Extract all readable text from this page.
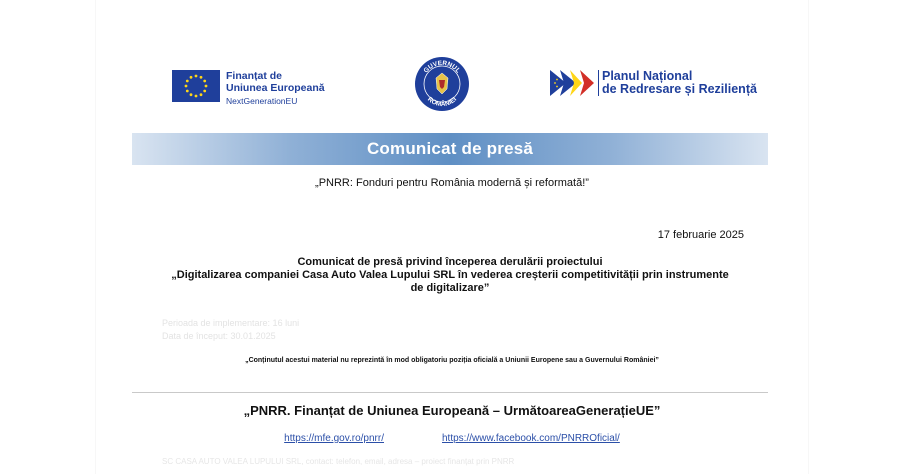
Finanțat de
Uniunea Europeană
NextGenerationEU
GUVERNUL
ROMÂNIEI
Planul Național
de Redresare și Reziliență
Comunicat de presă
„PNRR: Fonduri pentru România modernă și reformată!”
17 februarie 2025
Comunicat de presă privind începerea derulării proiectului
„Digitalizarea companiei Casa Auto Valea Lupului SRL în vederea creșterii competitivității prin instrumente
de digitalizare”
Perioada de implementare: 16 luni
Data de început: 30.01.2025
„Conținutul acestui material nu reprezintă în mod obligatoriu poziția oficială a Uniunii Europene sau a Guvernului României”
„PNRR. Finanțat de Uniunea Europeană – UrmătoareaGenerațieUE”
https://mfe.gov.ro/pnrr/	https://www.facebook.com/PNRROficial/
SC CASA AUTO VALEA LUPULUI SRL, contact: telefon, email, adresa – proiect finanțat prin PNRR
